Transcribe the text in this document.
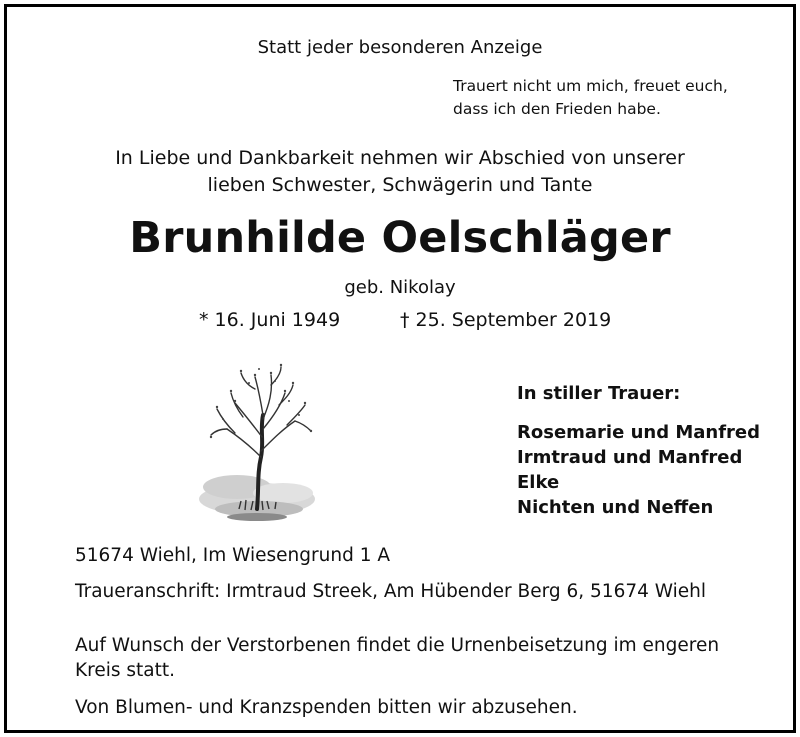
Statt jeder besonderen Anzeige
Trauert nicht um mich, freuet euch,
dass ich den Frieden habe.
In Liebe und Dankbarkeit nehmen wir Abschied von unserer
lieben Schwester, Schwägerin und Tante
Brunhilde Oelschläger
geb. Nikolay
* 16. Juni 1949	† 25. September 2019
In stiller Trauer:
Rosemarie und Manfred
Irmtraud und Manfred
Elke
Nichten und Neffen
51674 Wiehl, Im Wiesengrund 1 A
Traueranschrift: Irmtraud Streek, Am Hübender Berg 6, 51674 Wiehl
Auf Wunsch der Verstorbenen findet die Urnenbeisetzung im engeren
Kreis statt.
Von Blumen- und Kranzspenden bitten wir abzusehen.
